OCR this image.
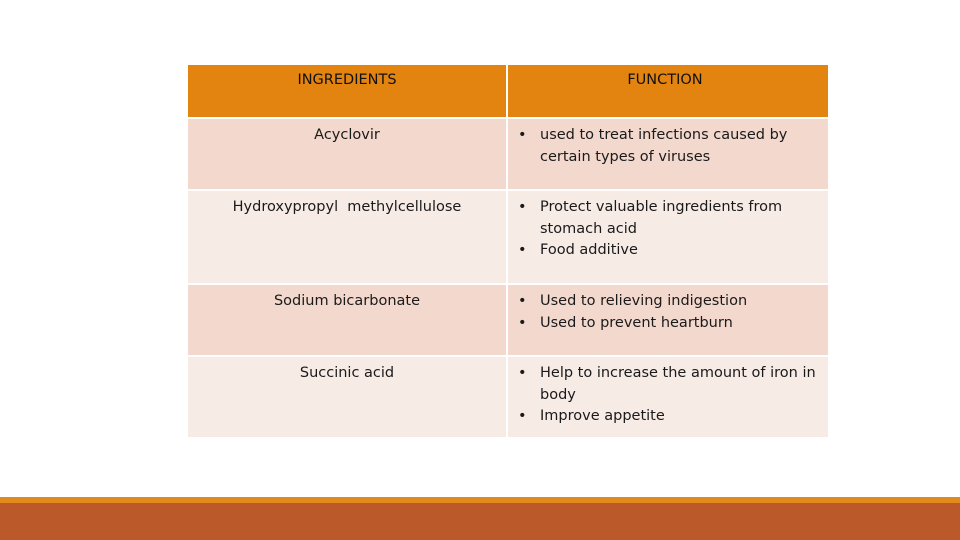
INGREDIENTS	FUNCTION
Acyclovir	• used to treat infections caused by certain types of viruses
Hydroxypropyl  methylcellulose	• Protect valuable ingredients from stomach acid
• Food additive
Sodium bicarbonate	• Used to relieving indigestion
• Used to prevent heartburn
Succinic acid	• Help to increase the amount of iron in body
• Improve appetite
